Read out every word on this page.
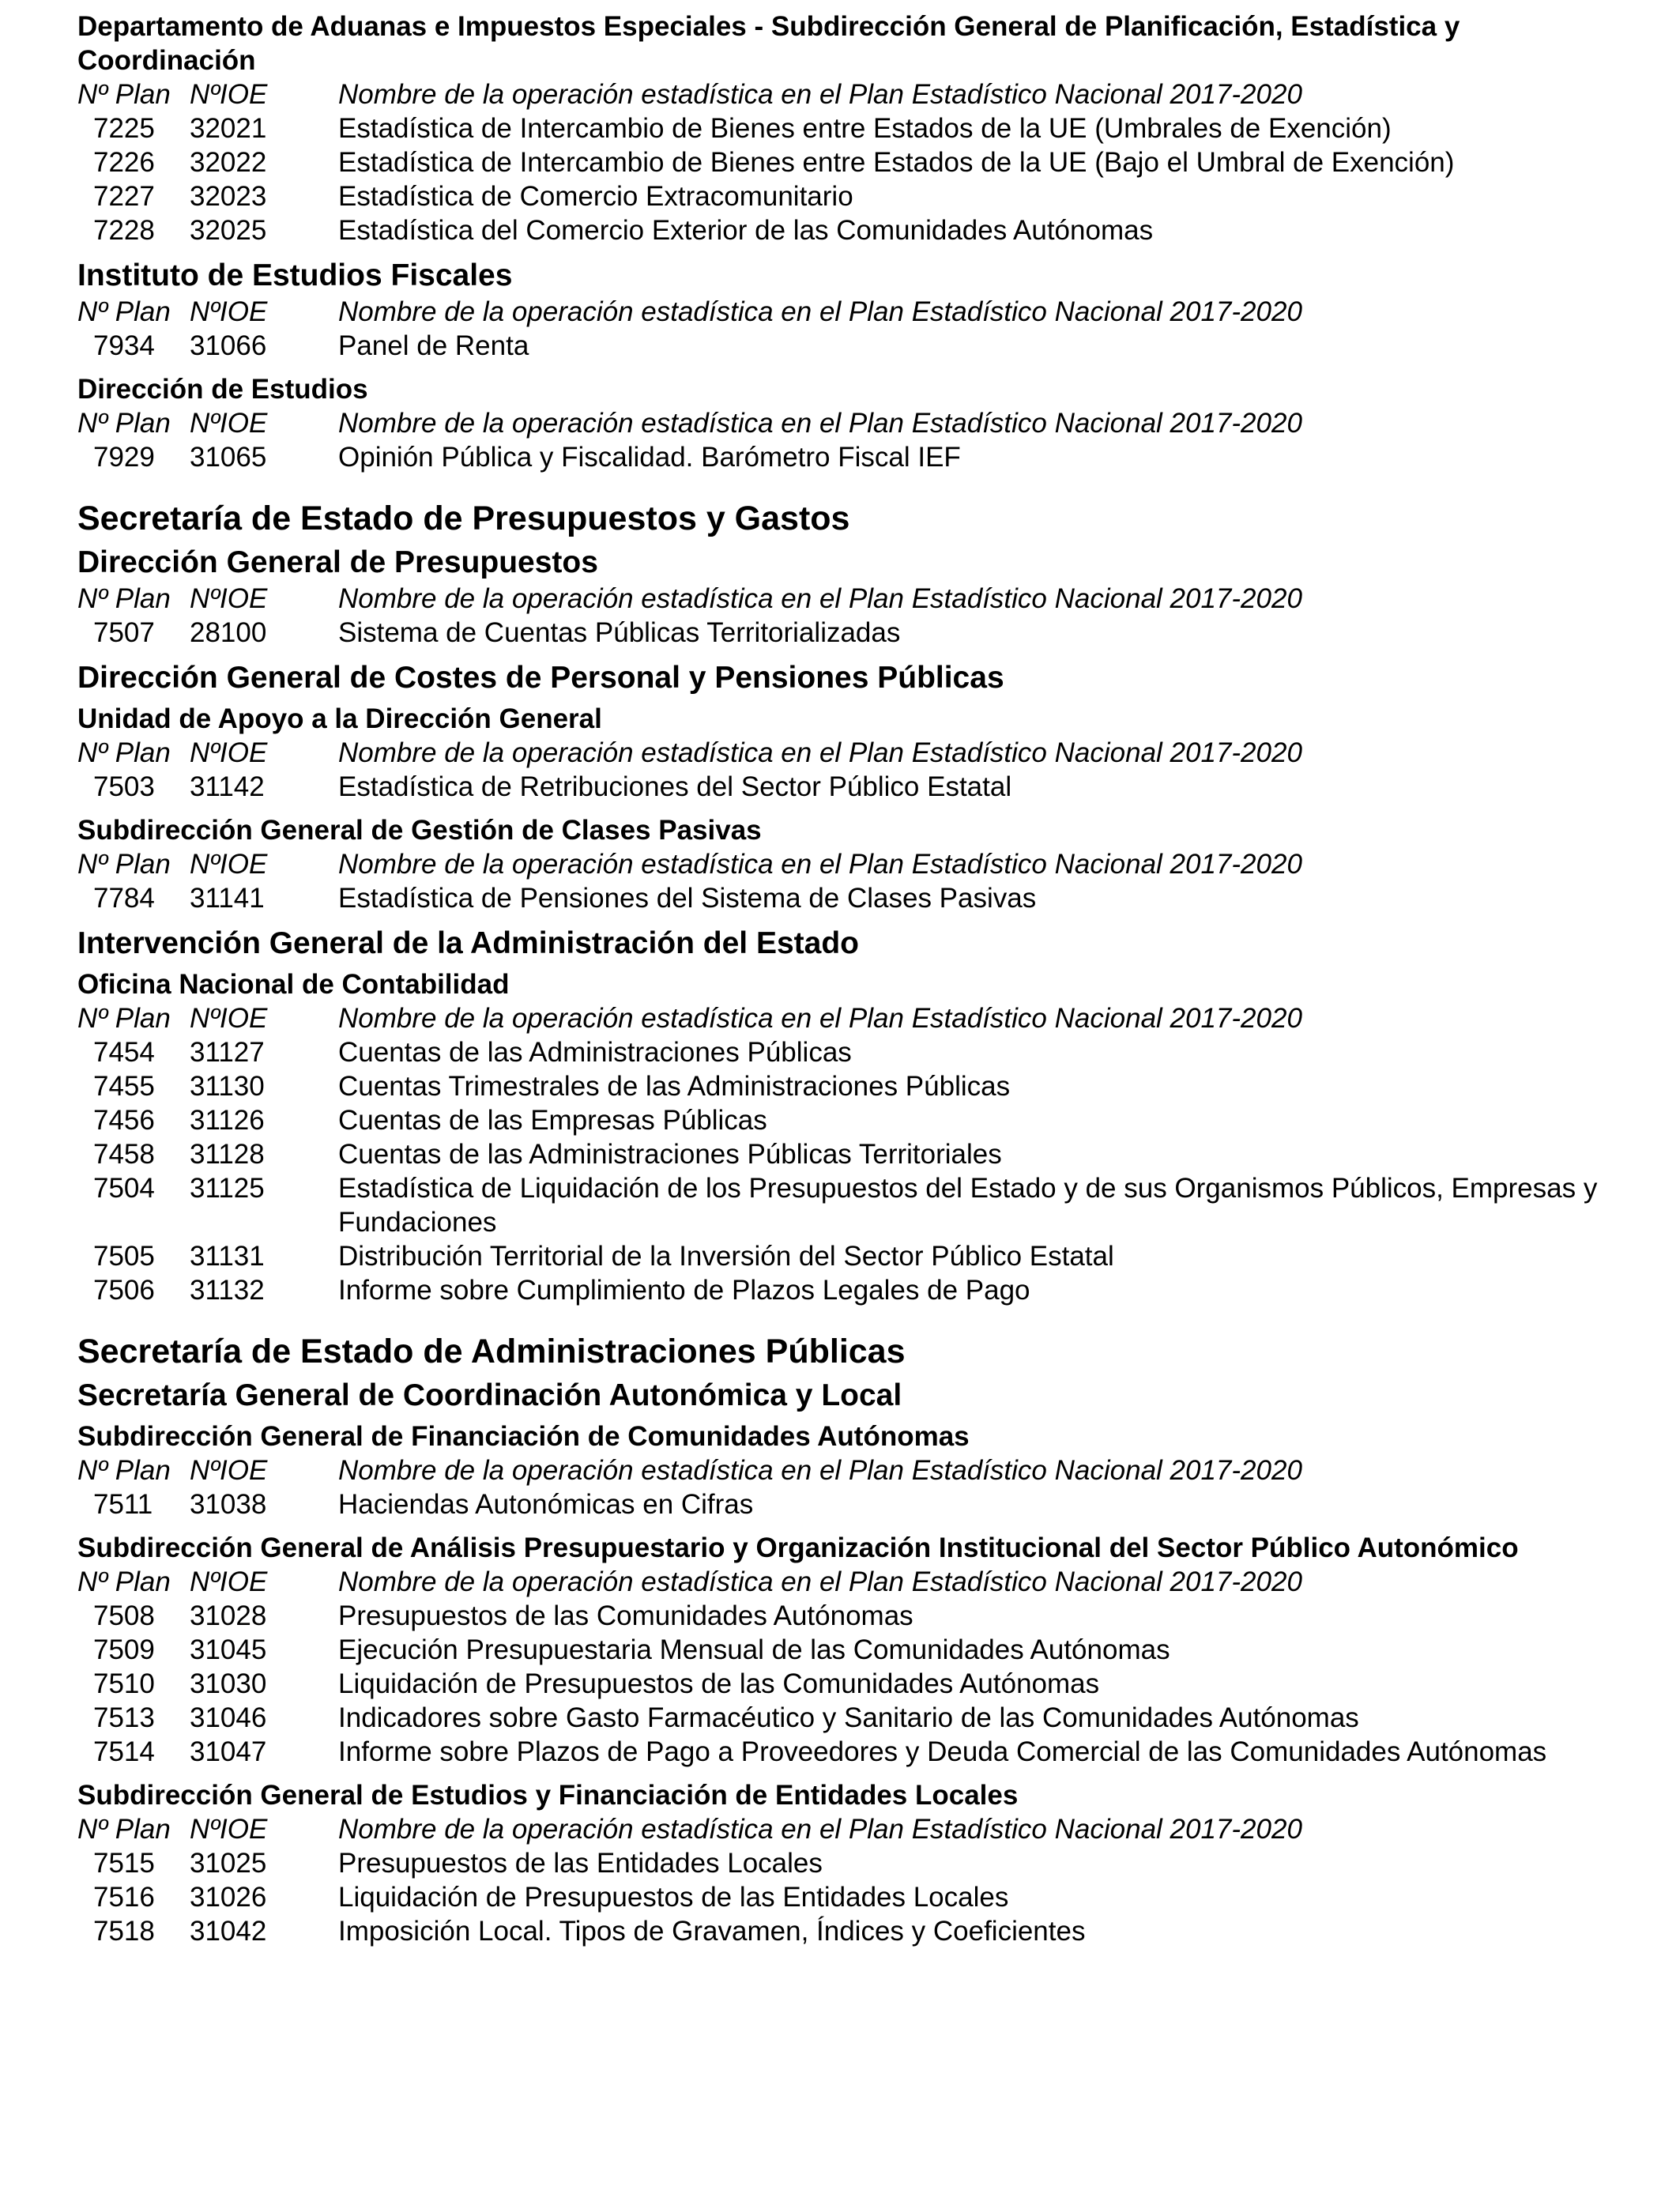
Departamento de Aduanas e Impuestos Especiales - Subdirección General de Planificación, Estadística y Coordinación
Nº Plan NºIOE	Nombre de la operación estadística en el Plan Estadístico Nacional 2017-2020
7225	32021	Estadística de Intercambio de Bienes entre Estados de la UE (Umbrales de Exención)
7226	32022	Estadística de Intercambio de Bienes entre Estados de la UE (Bajo el Umbral de Exención)
7227	32023	Estadística de Comercio Extracomunitario
7228	32025	Estadística del Comercio Exterior de las Comunidades Autónomas
Instituto de Estudios Fiscales
Nº Plan NºIOE	Nombre de la operación estadística en el Plan Estadístico Nacional 2017-2020
7934	31066	Panel de Renta
Dirección de Estudios
Nº Plan NºIOE	Nombre de la operación estadística en el Plan Estadístico Nacional 2017-2020
7929	31065	Opinión Pública y Fiscalidad. Barómetro Fiscal IEF
Secretaría de Estado de Presupuestos y Gastos
Dirección General de Presupuestos
Nº Plan NºIOE	Nombre de la operación estadística en el Plan Estadístico Nacional 2017-2020
7507	28100	Sistema de Cuentas Públicas Territorializadas
Dirección General de Costes de Personal y Pensiones Públicas
Unidad de Apoyo a la Dirección General
Nº Plan NºIOE	Nombre de la operación estadística en el Plan Estadístico Nacional 2017-2020
7503	31142	Estadística de Retribuciones del Sector Público Estatal
Subdirección General de Gestión de Clases Pasivas
Nº Plan NºIOE	Nombre de la operación estadística en el Plan Estadístico Nacional 2017-2020
7784	31141	Estadística de Pensiones del Sistema de Clases Pasivas
Intervención General de la Administración del Estado
Oficina Nacional de Contabilidad
Nº Plan NºIOE	Nombre de la operación estadística en el Plan Estadístico Nacional 2017-2020
7454	31127	Cuentas de las Administraciones Públicas
7455	31130	Cuentas Trimestrales de las Administraciones Públicas
7456	31126	Cuentas de las Empresas Públicas
7458	31128	Cuentas de las Administraciones Públicas Territoriales
7504	31125	Estadística de Liquidación de los Presupuestos del Estado y de sus Organismos Públicos, Empresas y Fundaciones
7505	31131	Distribución Territorial de la Inversión del Sector Público Estatal
7506	31132	Informe sobre Cumplimiento de Plazos Legales de Pago
Secretaría de Estado de Administraciones Públicas
Secretaría General de Coordinación Autonómica y Local
Subdirección General de Financiación de Comunidades Autónomas
Nº Plan NºIOE	Nombre de la operación estadística en el Plan Estadístico Nacional 2017-2020
7511	31038	Haciendas Autonómicas en Cifras
Subdirección General de Análisis Presupuestario y Organización Institucional del Sector Público Autonómico
Nº Plan NºIOE	Nombre de la operación estadística en el Plan Estadístico Nacional 2017-2020
7508	31028	Presupuestos de las Comunidades Autónomas
7509	31045	Ejecución Presupuestaria Mensual de las Comunidades Autónomas
7510	31030	Liquidación de Presupuestos de las Comunidades Autónomas
7513	31046	Indicadores sobre Gasto Farmacéutico y Sanitario de las Comunidades Autónomas
7514	31047	Informe sobre Plazos de Pago a Proveedores y Deuda Comercial de las Comunidades Autónomas
Subdirección General de Estudios y Financiación de Entidades Locales
Nº Plan NºIOE	Nombre de la operación estadística en el Plan Estadístico Nacional 2017-2020
7515	31025	Presupuestos de las Entidades Locales
7516	31026	Liquidación de Presupuestos de las Entidades Locales
7518	31042	Imposición Local. Tipos de Gravamen, Índices y Coeficientes
